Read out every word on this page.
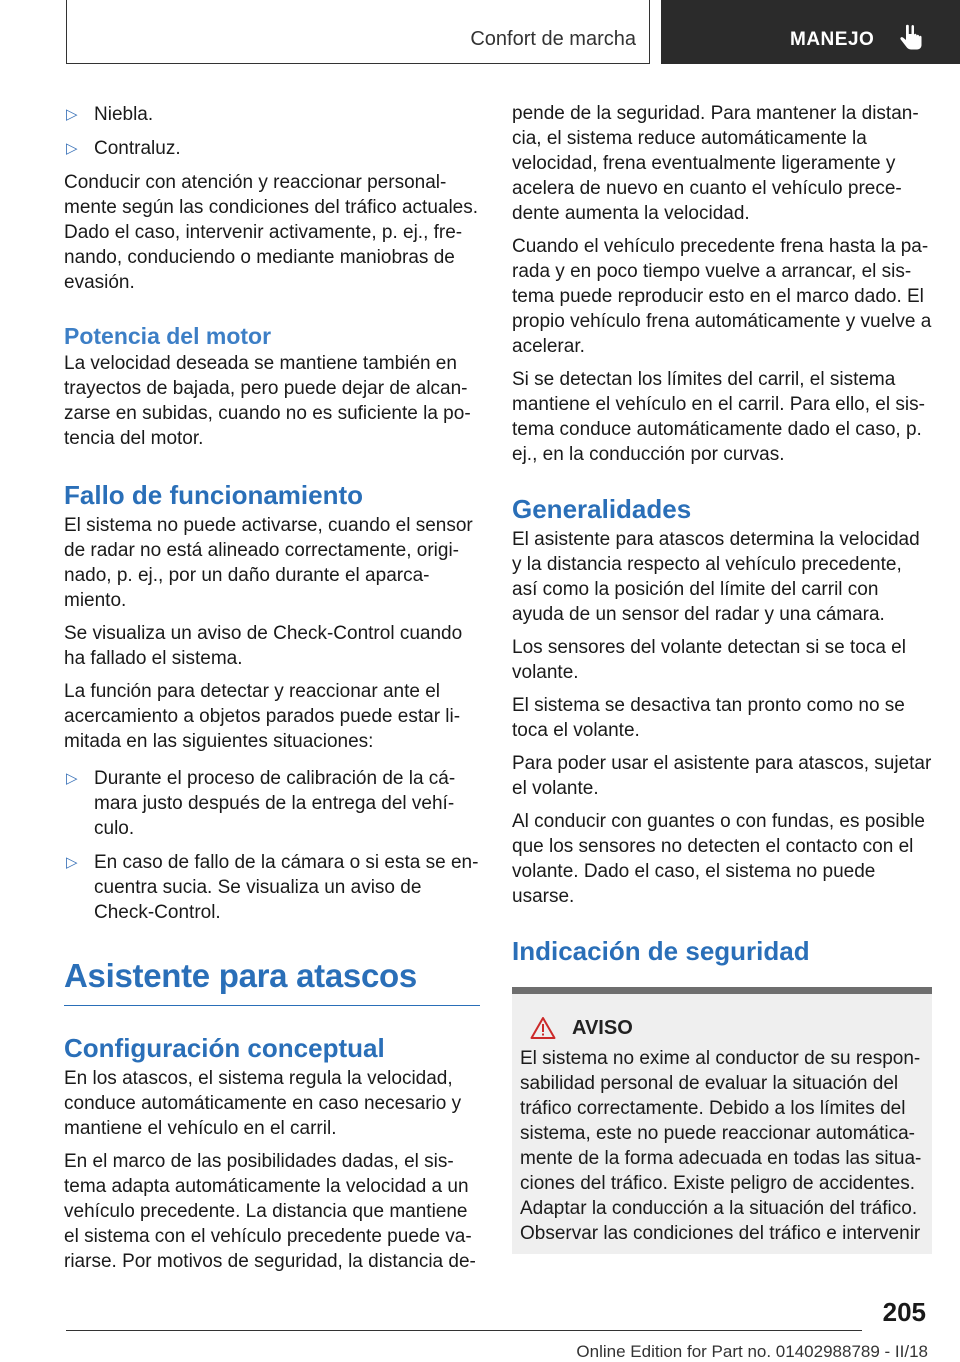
Confort de marcha	MANEJO
▷ Niebla.
▷ Contraluz.

Conducir con atención y reaccionar personal‐mente según las condiciones del tráfico actuales. Dado el caso, intervenir activamente, p. ej., fre‐nando, conduciendo o mediante maniobras de evasión.

Potencia del motor

La velocidad deseada se mantiene también en trayectos de bajada, pero puede dejar de alcan‐zarse en subidas, cuando no es suficiente la po‐tencia del motor.

Fallo de funcionamiento

El sistema no puede activarse, cuando el sensor de radar no está alineado correctamente, origi‐nado, p. ej., por un daño durante el aparca‐miento.

Se visualiza un aviso de Check-Control cuando ha fallado el sistema.

La función para detectar y reaccionar ante el acercamiento a objetos parados puede estar li‐mitada en las siguientes situaciones:

▷ Durante el proceso de calibración de la cá‐mara justo después de la entrega del vehí‐culo.
▷ En caso de fallo de la cámara o si esta se en‐cuentra sucia. Se visualiza un aviso de Check-Control.
Asistente para atascos
Configuración conceptual

En los atascos, el sistema regula la velocidad, conduce automáticamente en caso necesario y mantiene el vehículo en el carril.

En el marco de las posibilidades dadas, el sis‐tema adapta automáticamente la velocidad a un vehículo precedente. La distancia que mantiene el sistema con el vehículo precedente puede va‐riarse. Por motivos de seguridad, la distancia de‐

pende de la seguridad. Para mantener la distan‐cia, el sistema reduce automáticamente la velocidad, frena eventualmente ligeramente y acelera de nuevo en cuanto el vehículo prece‐dente aumenta la velocidad.

Cuando el vehículo precedente frena hasta la pa‐rada y en poco tiempo vuelve a arrancar, el sis‐tema puede reproducir esto en el marco dado. El propio vehículo frena automáticamente y vuelve a acelerar.

Si se detectan los límites del carril, el sistema mantiene el vehículo en el carril. Para ello, el sis‐tema conduce automáticamente dado el caso, p. ej., en la conducción por curvas.

Generalidades

El asistente para atascos determina la velocidad y la distancia respecto al vehículo precedente, así como la posición del límite del carril con ayuda de un sensor del radar y una cámara.

Los sensores del volante detectan si se toca el volante.

El sistema se desactiva tan pronto como no se toca el volante.

Para poder usar el asistente para atascos, sujetar el volante.

Al conducir con guantes o con fundas, es posible que los sensores no detecten el contacto con el volante. Dado el caso, el sistema no puede usarse.

Indicación de seguridad
AVISO

El sistema no exime al conductor de su respon‐sabilidad personal de evaluar la situación del tráfico correctamente. Debido a los límites del sistema, este no puede reaccionar automática‐mente de la forma adecuada en todas las situa‐ciones del tráfico. Existe peligro de accidentes. Adaptar la conducción a la situación del tráfico. Observar las condiciones del tráfico e intervenir

205
Online Edition for Part no. 01402988789 - II/18
